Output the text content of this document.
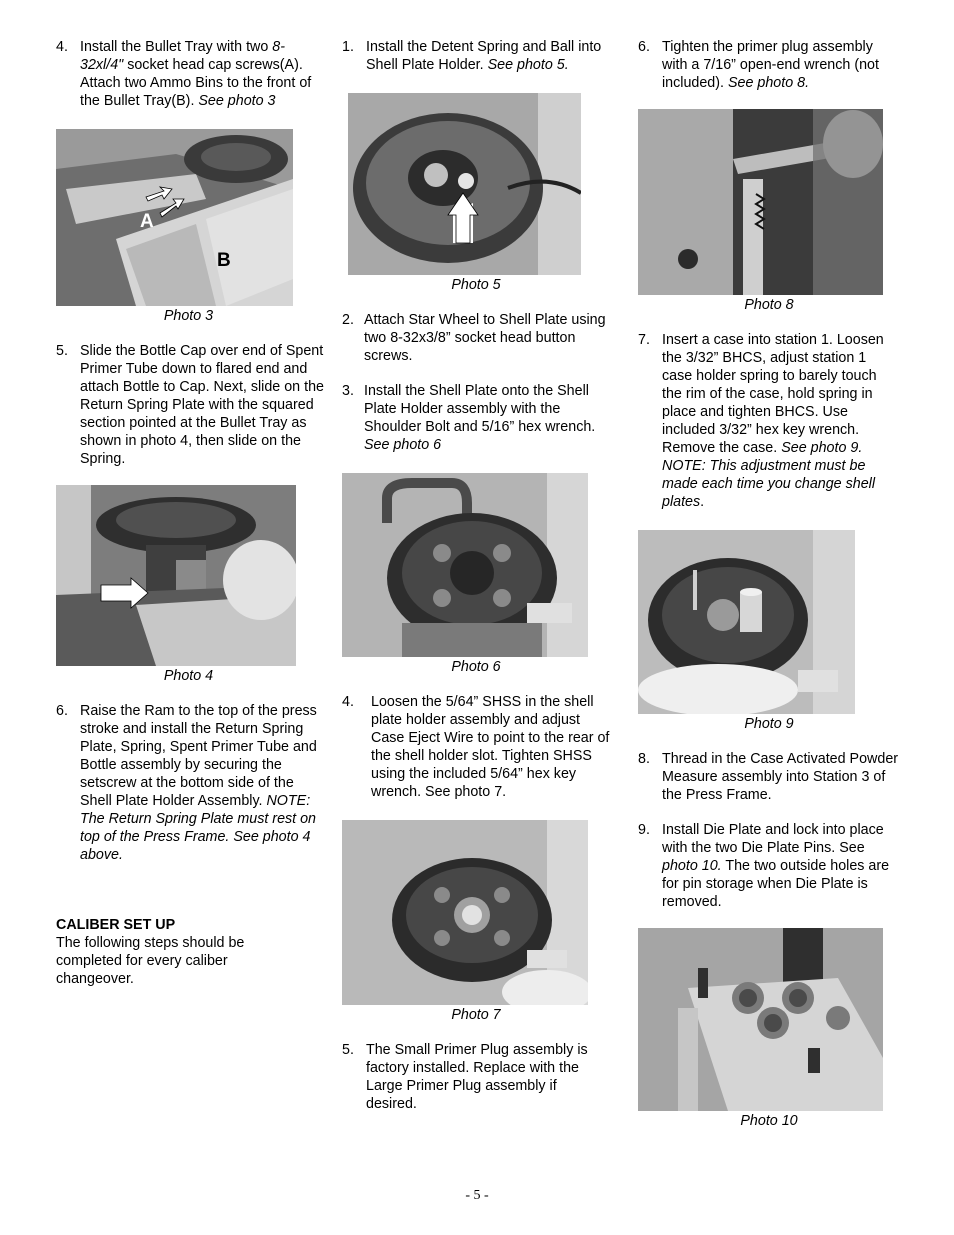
4. Install the Bullet Tray with two 8-32xl/4" socket head cap screws(A). Attach two Ammo Bins to the front of the Bullet Tray(B). See photo 3
A
B
Photo 3
5. Slide the Bottle Cap over end of Spent Primer Tube down to flared end and attach Bottle to Cap. Next, slide on the Return Spring Plate with the squared section pointed at the Bullet Tray as shown in photo 4, then slide on the Spring.
Photo 4
6. Raise the Ram to the top of the press stroke and install the Return Spring Plate, Spring, Spent Primer Tube and Bottle assembly by securing the setscrew at the bottom side of the Shell Plate Holder Assembly. NOTE: The Return Spring Plate must rest on top of the Press Frame. See photo 4 above.
CALIBER SET UP
The following steps should be completed for every caliber changeover.
1. Install the Detent Spring and Ball into Shell Plate Holder. See photo 5.
Photo 5
2. Attach Star Wheel to Shell Plate using two 8-32x3/8” socket head button screws.
3. Install the Shell Plate onto the Shell Plate Holder assembly with the Shoulder Bolt and 5/16” hex wrench. See photo 6
Photo 6
4.	Loosen the 5/64” SHSS in the shell plate holder assembly and adjust Case Eject Wire to point to the rear of the shell holder slot. Tighten SHSS using the included 5/64” hex key wrench. See photo 7.
Photo 7
5. The Small Primer Plug assembly is factory installed. Replace with the Large Primer Plug assembly if desired.
6. Tighten the primer plug assembly with a 7/16” open-end wrench (not included). See photo 8.
Photo 8
7. Insert a case into station 1. Loosen the 3/32” BHCS, adjust station 1 case holder spring to barely touch the rim of the case, hold spring in place and tighten BHCS. Use included 3/32” hex key wrench. Remove the case. See photo 9. NOTE: This adjustment must be made each time you change shell plates.
Photo 9
8. Thread in the Case Activated Powder Measure assembly into Station 3 of the Press Frame.
9. Install Die Plate and lock into place with the two Die Plate Pins. See photo 10. The two outside holes are for pin storage when Die Plate is removed.
Photo 10
- 5 -
